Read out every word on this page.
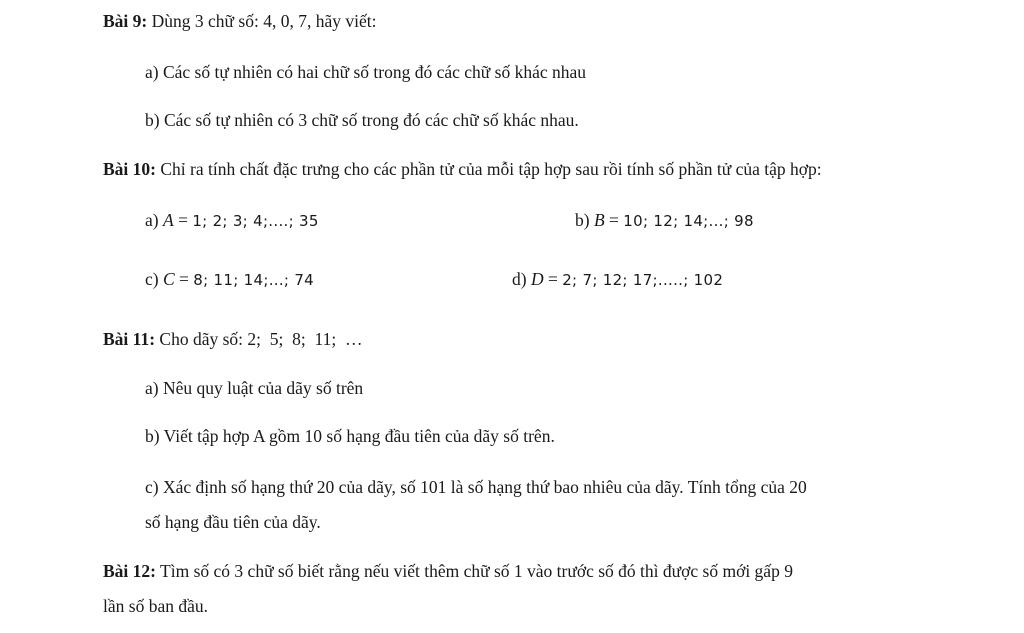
Bài 9: Dùng 3 chữ số: 4, 0, 7, hãy viết:
a) Các số tự nhiên có hai chữ số trong đó các chữ số khác nhau
b) Các số tự nhiên có 3 chữ số trong đó các chữ số khác nhau.
Bài 10: Chỉ ra tính chất đặc trưng cho các phần tử của mỗi tập hợp sau rồi tính số phần tử của tập hợp:
a) A = 1; 2; 3; 4;....; 35	b) B = 10; 12; 14;...; 98
c) C = 8; 11; 14;...; 74	d) D = 2; 7; 12; 17;.....; 102
Bài 11: Cho dãy số: 2;  5;  8;  11;  …
a) Nêu quy luật của dãy số trên
b) Viết tập hợp A gồm 10 số hạng đầu tiên của dãy số trên.
c) Xác định số hạng thứ 20 của dãy, số 101 là số hạng thứ bao nhiêu của dãy. Tính tổng của 20
số hạng đầu tiên của dãy.
Bài 12: Tìm số có 3 chữ số biết rằng nếu viết thêm chữ số 1 vào trước số đó thì được số mới gấp 9
lần số ban đầu.
